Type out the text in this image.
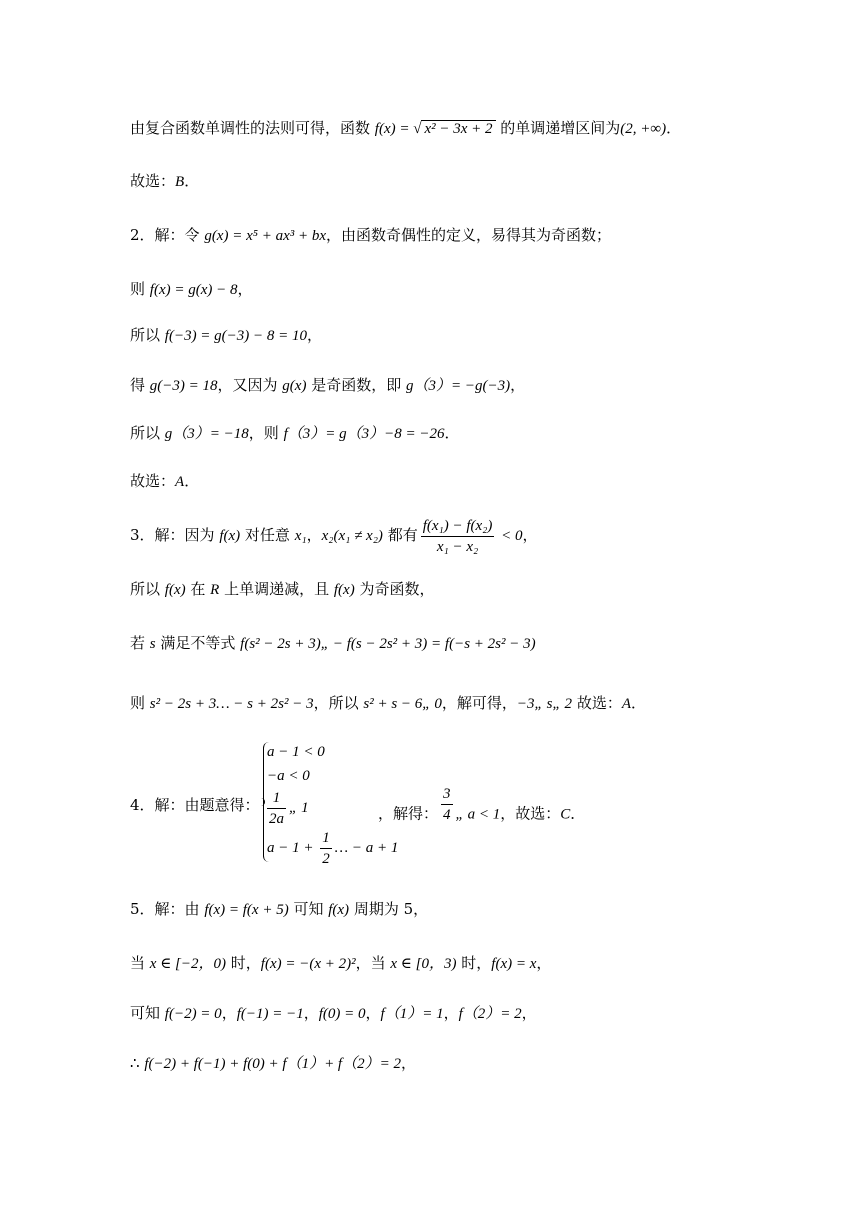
由复合函数单调性的法则可得，函数 f(x) = √ x² − 3x + 2 的单调递增区间为(2, +∞)．
故选：B．
2．解：令 g(x) = x⁵ + ax³ + bx，由函数奇偶性的定义，易得其为奇函数；
则 f(x) = g(x) − 8，
所以 f(−3) = g(−3) − 8 = 10，
得 g(−3) = 18，又因为 g(x) 是奇函数，即 g（3）= −g(−3)，
所以 g（3）= −18，则 f（3）= g（3）−8 = −26．
故选：A．
3．解：因为 f(x) 对任意 x₁，x₂(x₁ ≠ x₂) 都有 $\frac{\text{f(x₁) − f(x₂)}}{\text{x₁ − x₂}} < 0$，
所以 f(x) 在 R 上单调递减，且 f(x) 为奇函数，
若 s 满足不等式 f(s² − 2s + 3)„ − f(s − 2s² + 3) = f(−s + 2s² − 3)
则 s² − 2s + 3… − s + 2s² − 3，所以 s² + s − 6„ 0，解可得，−3„ s„ 2 故选：A．
4．解：由题意得：
a − 1 < 0
−a < 0
$\frac{1}{2a}$ „ 1
$a - 1 + \frac{1}{2}$ … − a + 1
，解得： $\frac{3}{4}$ „ a < 1，故选：C．
5．解：由 f(x) = f(x + 5) 可知 f(x) 周期为 5，
当 x ∈ [−2，0) 时，f(x) = −(x + 2)²，当 x ∈ [0，3) 时，f(x) = x，
可知 f(−2) = 0，f(−1) = −1，f(0) = 0，f（1）= 1，f（2）= 2，
∴ f(−2) + f(−1) + f(0) + f（1）+ f（2）= 2，
